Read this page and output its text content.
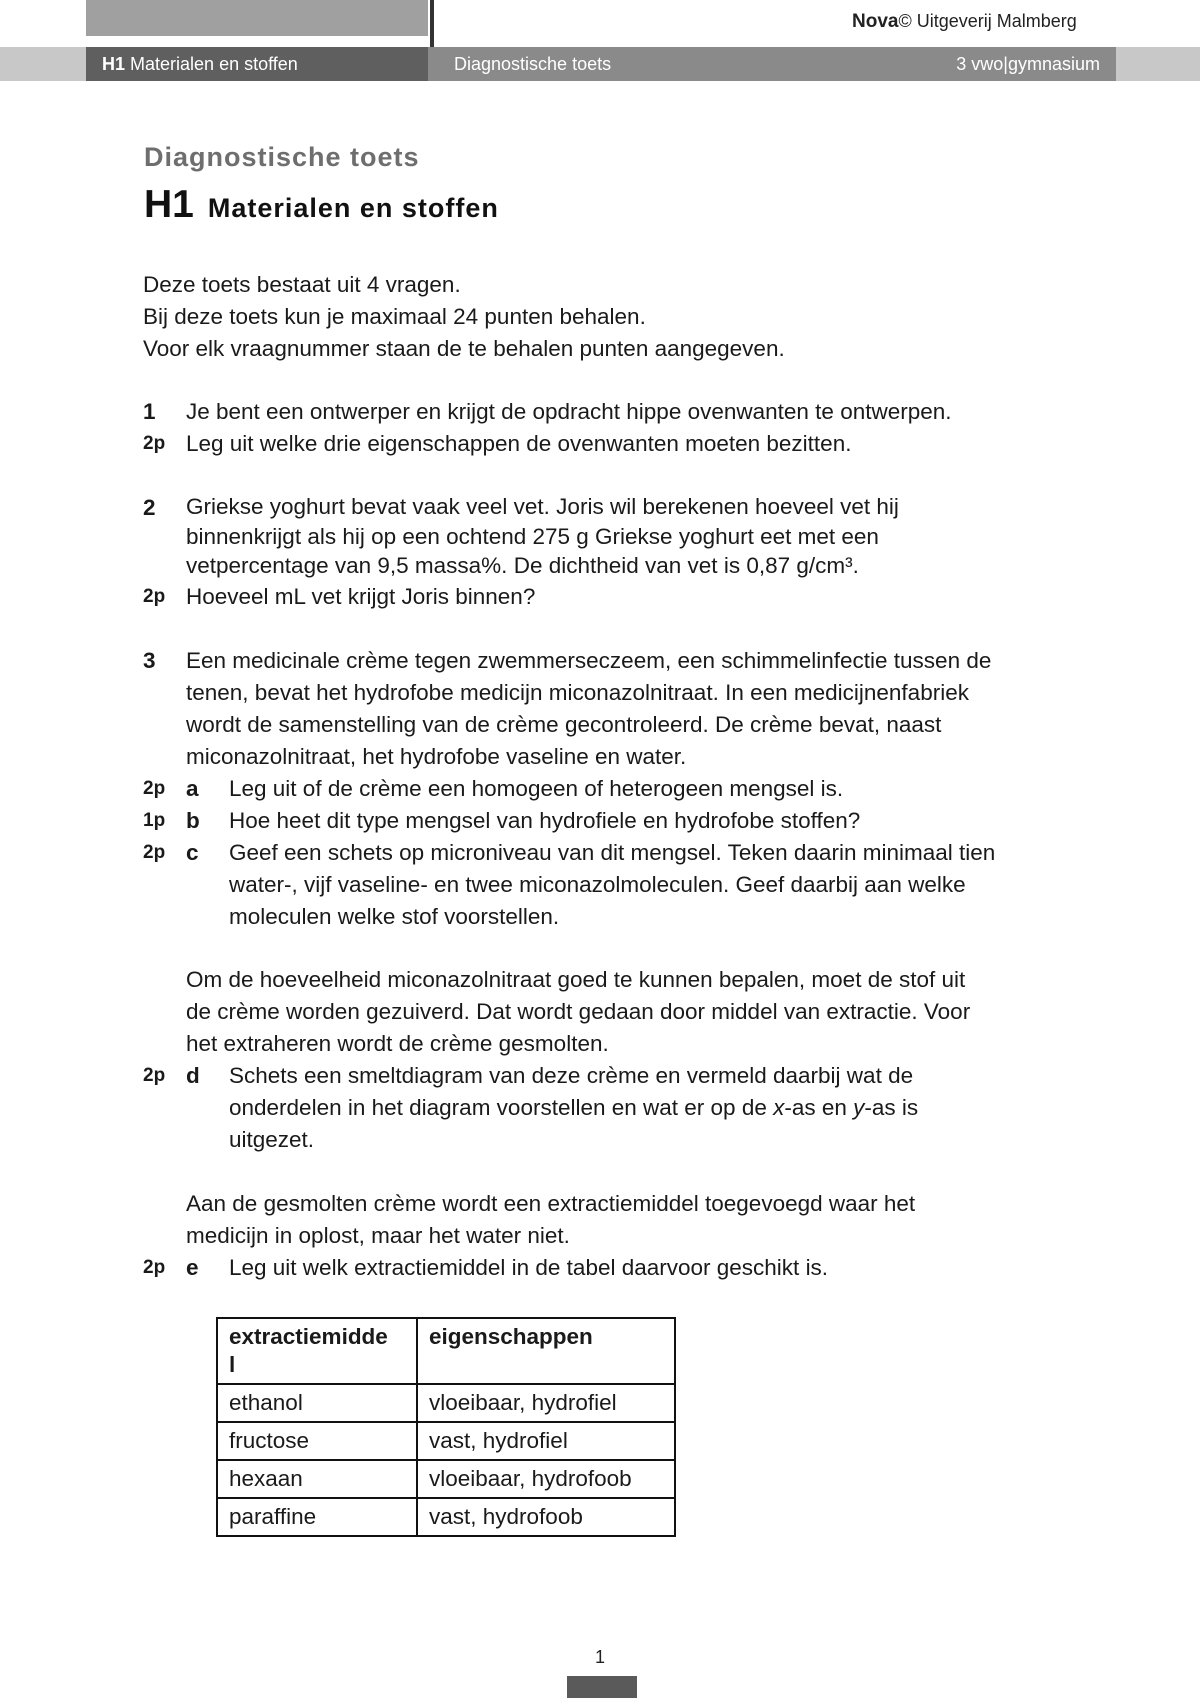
Nova© Uitgeverij Malmberg
H1 Materialen en stoffen	Diagnostische toets	3 vwo|gymnasium
Diagnostische toets
H1 Materialen en stoffen
Deze toets bestaat uit 4 vragen.
Bij deze toets kun je maximaal 24 punten behalen.
Voor elk vraagnummer staan de te behalen punten aangegeven.
1 Je bent een ontwerper en krijgt de opdracht hippe ovenwanten te ontwerpen.
2p Leg uit welke drie eigenschappen de ovenwanten moeten bezitten.
2 Griekse yoghurt bevat vaak veel vet. Joris wil berekenen hoeveel vet hij
binnenkrijgt als hij op een ochtend 275 g Griekse yoghurt eet met een
vetpercentage van 9,5 massa%. De dichtheid van vet is 0,87 g/cm³.
2p Hoeveel mL vet krijgt Joris binnen?
3 Een medicinale crème tegen zwemmerseczeem, een schimmelinfectie tussen de
tenen, bevat het hydrofobe medicijn miconazolnitraat. In een medicijnenfabriek
wordt de samenstelling van de crème gecontroleerd. De crème bevat, naast
miconazolnitraat, het hydrofobe vaseline en water.
2p a Leg uit of de crème een homogeen of heterogeen mengsel is.
1p b Hoe heet dit type mengsel van hydrofiele en hydrofobe stoffen?
2p c Geef een schets op microniveau van dit mengsel. Teken daarin minimaal tien
water-, vijf vaseline- en twee miconazolmoleculen. Geef daarbij aan welke
moleculen welke stof voorstellen.
Om de hoeveelheid miconazolnitraat goed te kunnen bepalen, moet de stof uit
de crème worden gezuiverd. Dat wordt gedaan door middel van extractie. Voor
het extraheren wordt de crème gesmolten.
2p d Schets een smeltdiagram van deze crème en vermeld daarbij wat de
onderdelen in het diagram voorstellen en wat er op de x-as en y-as is
uitgezet.
Aan de gesmolten crème wordt een extractiemiddel toegevoegd waar het
medicijn in oplost, maar het water niet.
2p e Leg uit welk extractiemiddel in de tabel daarvoor geschikt is.
extractiemidde
l	eigenschappen
ethanol	vloeibaar, hydrofiel
fructose	vast, hydrofiel
hexaan	vloeibaar, hydrofoob
paraffine	vast, hydrofoob
1
